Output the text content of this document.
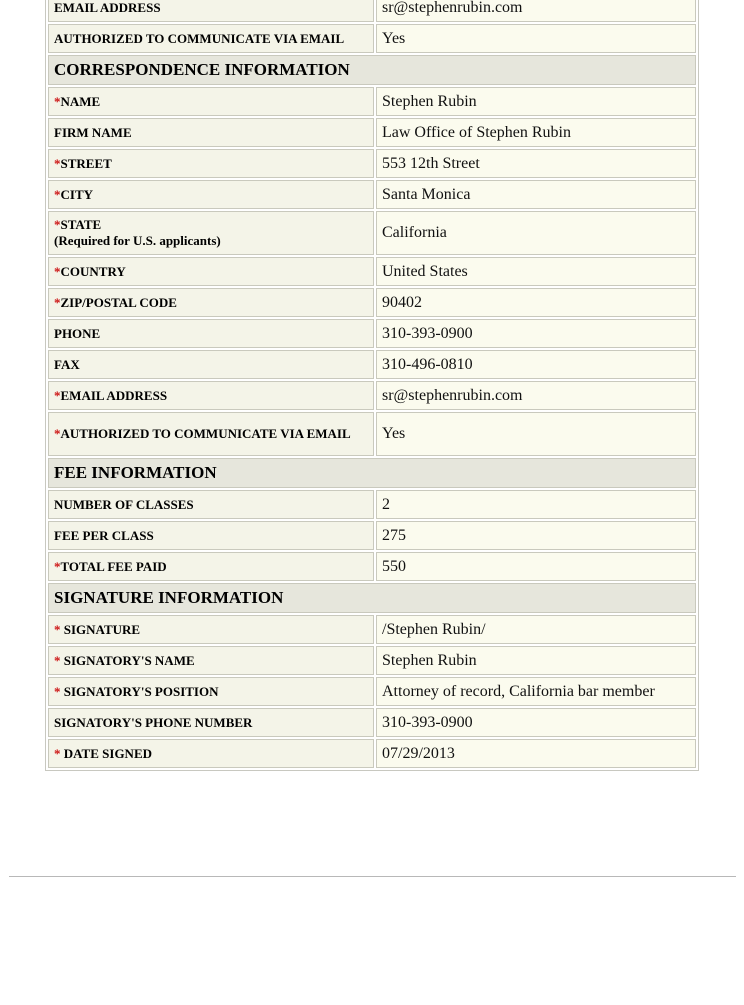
EMAIL ADDRESS	sr@stephenrubin.com
AUTHORIZED TO COMMUNICATE VIA EMAIL	Yes
CORRESPONDENCE INFORMATION	
*NAME	Stephen Rubin
FIRM NAME	Law Office of Stephen Rubin
*STREET	553 12th Street
*CITY	Santa Monica
*STATE
(Required for U.S. applicants)	California
*COUNTRY	United States
*ZIP/POSTAL CODE	90402
PHONE	310-393-0900
FAX	310-496-0810
*EMAIL ADDRESS	sr@stephenrubin.com
*AUTHORIZED TO COMMUNICATE VIA EMAIL	Yes
FEE INFORMATION	
NUMBER OF CLASSES	2
FEE PER CLASS	275
*TOTAL FEE PAID	550
SIGNATURE INFORMATION	
* SIGNATURE	/Stephen Rubin/
* SIGNATORY'S NAME	Stephen Rubin
* SIGNATORY'S POSITION	Attorney of record, California bar member
SIGNATORY'S PHONE NUMBER	310-393-0900
* DATE SIGNED	07/29/2013
